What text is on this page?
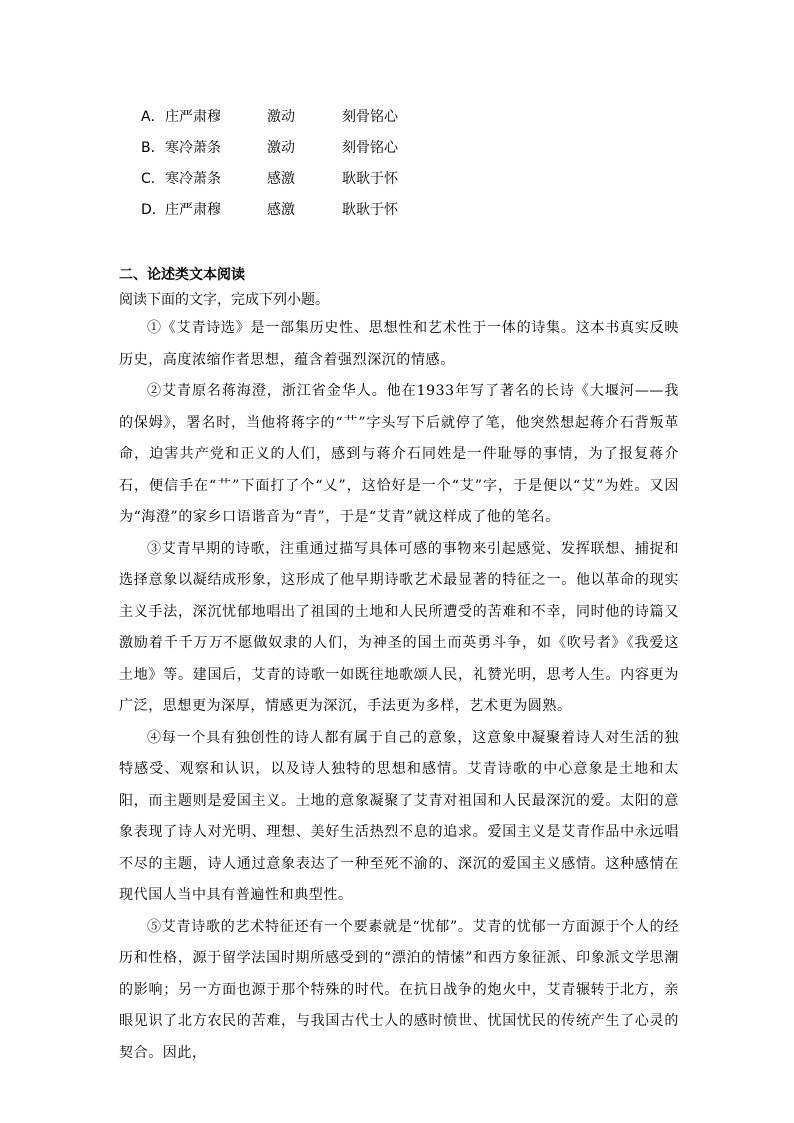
A． 庄严肃穆	激动	刻骨铭心
B． 寒冷萧条	激动	刻骨铭心
C． 寒冷萧条	感激	耿耿于怀
D． 庄严肃穆	感激	耿耿于怀
二、论述类文本阅读
阅读下面的文字，完成下列小题。

①《艾青诗选》是一部集历史性、思想性和艺术性于一体的诗集。这本书真实反映历史，高度浓缩作者思想，蕴含着强烈深沉的情感。

②艾青原名蒋海澄，浙江省金华人。他在1933年写了著名的长诗《大堰河——我的保姆》，署名时，当他将蒋字的“艹”字头写下后就停了笔，他突然想起蒋介石背叛革命，迫害共产党和正义的人们，感到与蒋介石同姓是一件耻辱的事情，为了报复蒋介石，便信手在“艹”下面打了个“乂”，这恰好是一个“艾”字，于是便以“艾”为姓。又因为“海澄”的家乡口语谐音为“青”，于是“艾青”就这样成了他的笔名。

③艾青早期的诗歌，注重通过描写具体可感的事物来引起感觉、发挥联想、捕捉和选择意象以凝结成形象，这形成了他早期诗歌艺术最显著的特征之一。他以革命的现实主义手法，深沉忧郁地唱出了祖国的土地和人民所遭受的苦难和不幸，同时他的诗篇又激励着千千万万不愿做奴隶的人们，为神圣的国土而英勇斗争，如《吹号者》《我爱这土地》等。建国后，艾青的诗歌一如既往地歌颂人民，礼赞光明，思考人生。内容更为广泛，思想更为深厚，情感更为深沉，手法更为多样，艺术更为圆熟。

④每一个具有独创性的诗人都有属于自己的意象，这意象中凝聚着诗人对生活的独特感受、观察和认识，以及诗人独特的思想和感情。艾青诗歌的中心意象是土地和太阳，而主题则是爱国主义。土地的意象凝聚了艾青对祖国和人民最深沉的爱。太阳的意象表现了诗人对光明、理想、美好生活热烈不息的追求。爱国主义是艾青作品中永远唱不尽的主题，诗人通过意象表达了一种至死不渝的、深沉的爱国主义感情。这种感情在现代国人当中具有普遍性和典型性。

⑤艾青诗歌的艺术特征还有一个要素就是“忧郁”。艾青的忧郁一方面源于个人的经历和性格，源于留学法国时期所感受到的“漂泊的情愫”和西方象征派、印象派文学思潮的影响；另一方面也源于那个特殊的时代。在抗日战争的炮火中，艾青辗转于北方，亲眼见识了北方农民的苦难，与我国古代士人的感时愤世、忧国忧民的传统产生了心灵的契合。因此，
